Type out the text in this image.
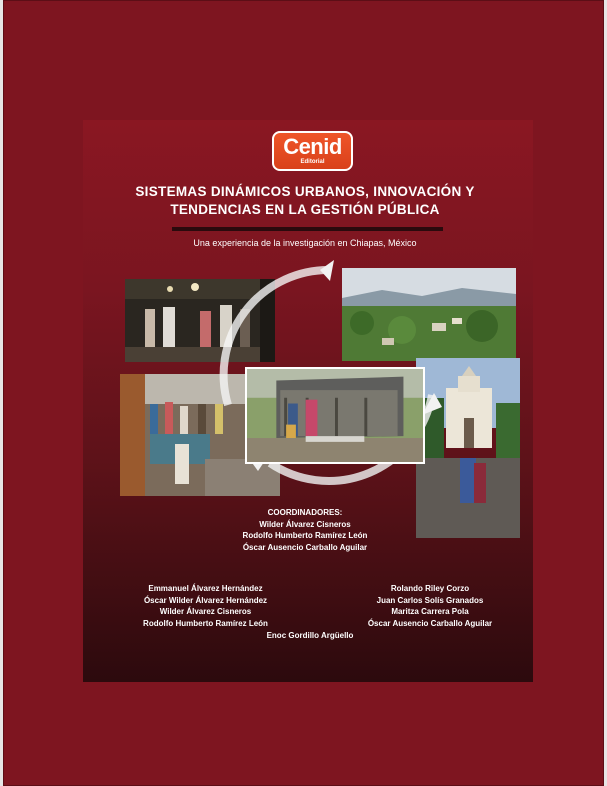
Cenid
Editorial
SISTEMAS DINÁMICOS URBANOS, INNOVACIÓN Y
TENDENCIAS EN LA GESTIÓN PÚBLICA
Una experiencia de la investigación en Chiapas, México
COORDINADORES:
Wilder Álvarez Cisneros
Rodolfo Humberto Ramírez León
Óscar Ausencio Carballo Aguilar
Emmanuel Álvarez Hernández
Óscar Wilder Álvarez Hernández
Wilder Álvarez Cisneros
Rodolfo Humberto Ramírez León
Rolando Riley Corzo
Juan Carlos Solís Granados
Maritza Carrera Pola
Óscar Ausencio Carballo Aguilar
Enoc Gordillo Argüello
